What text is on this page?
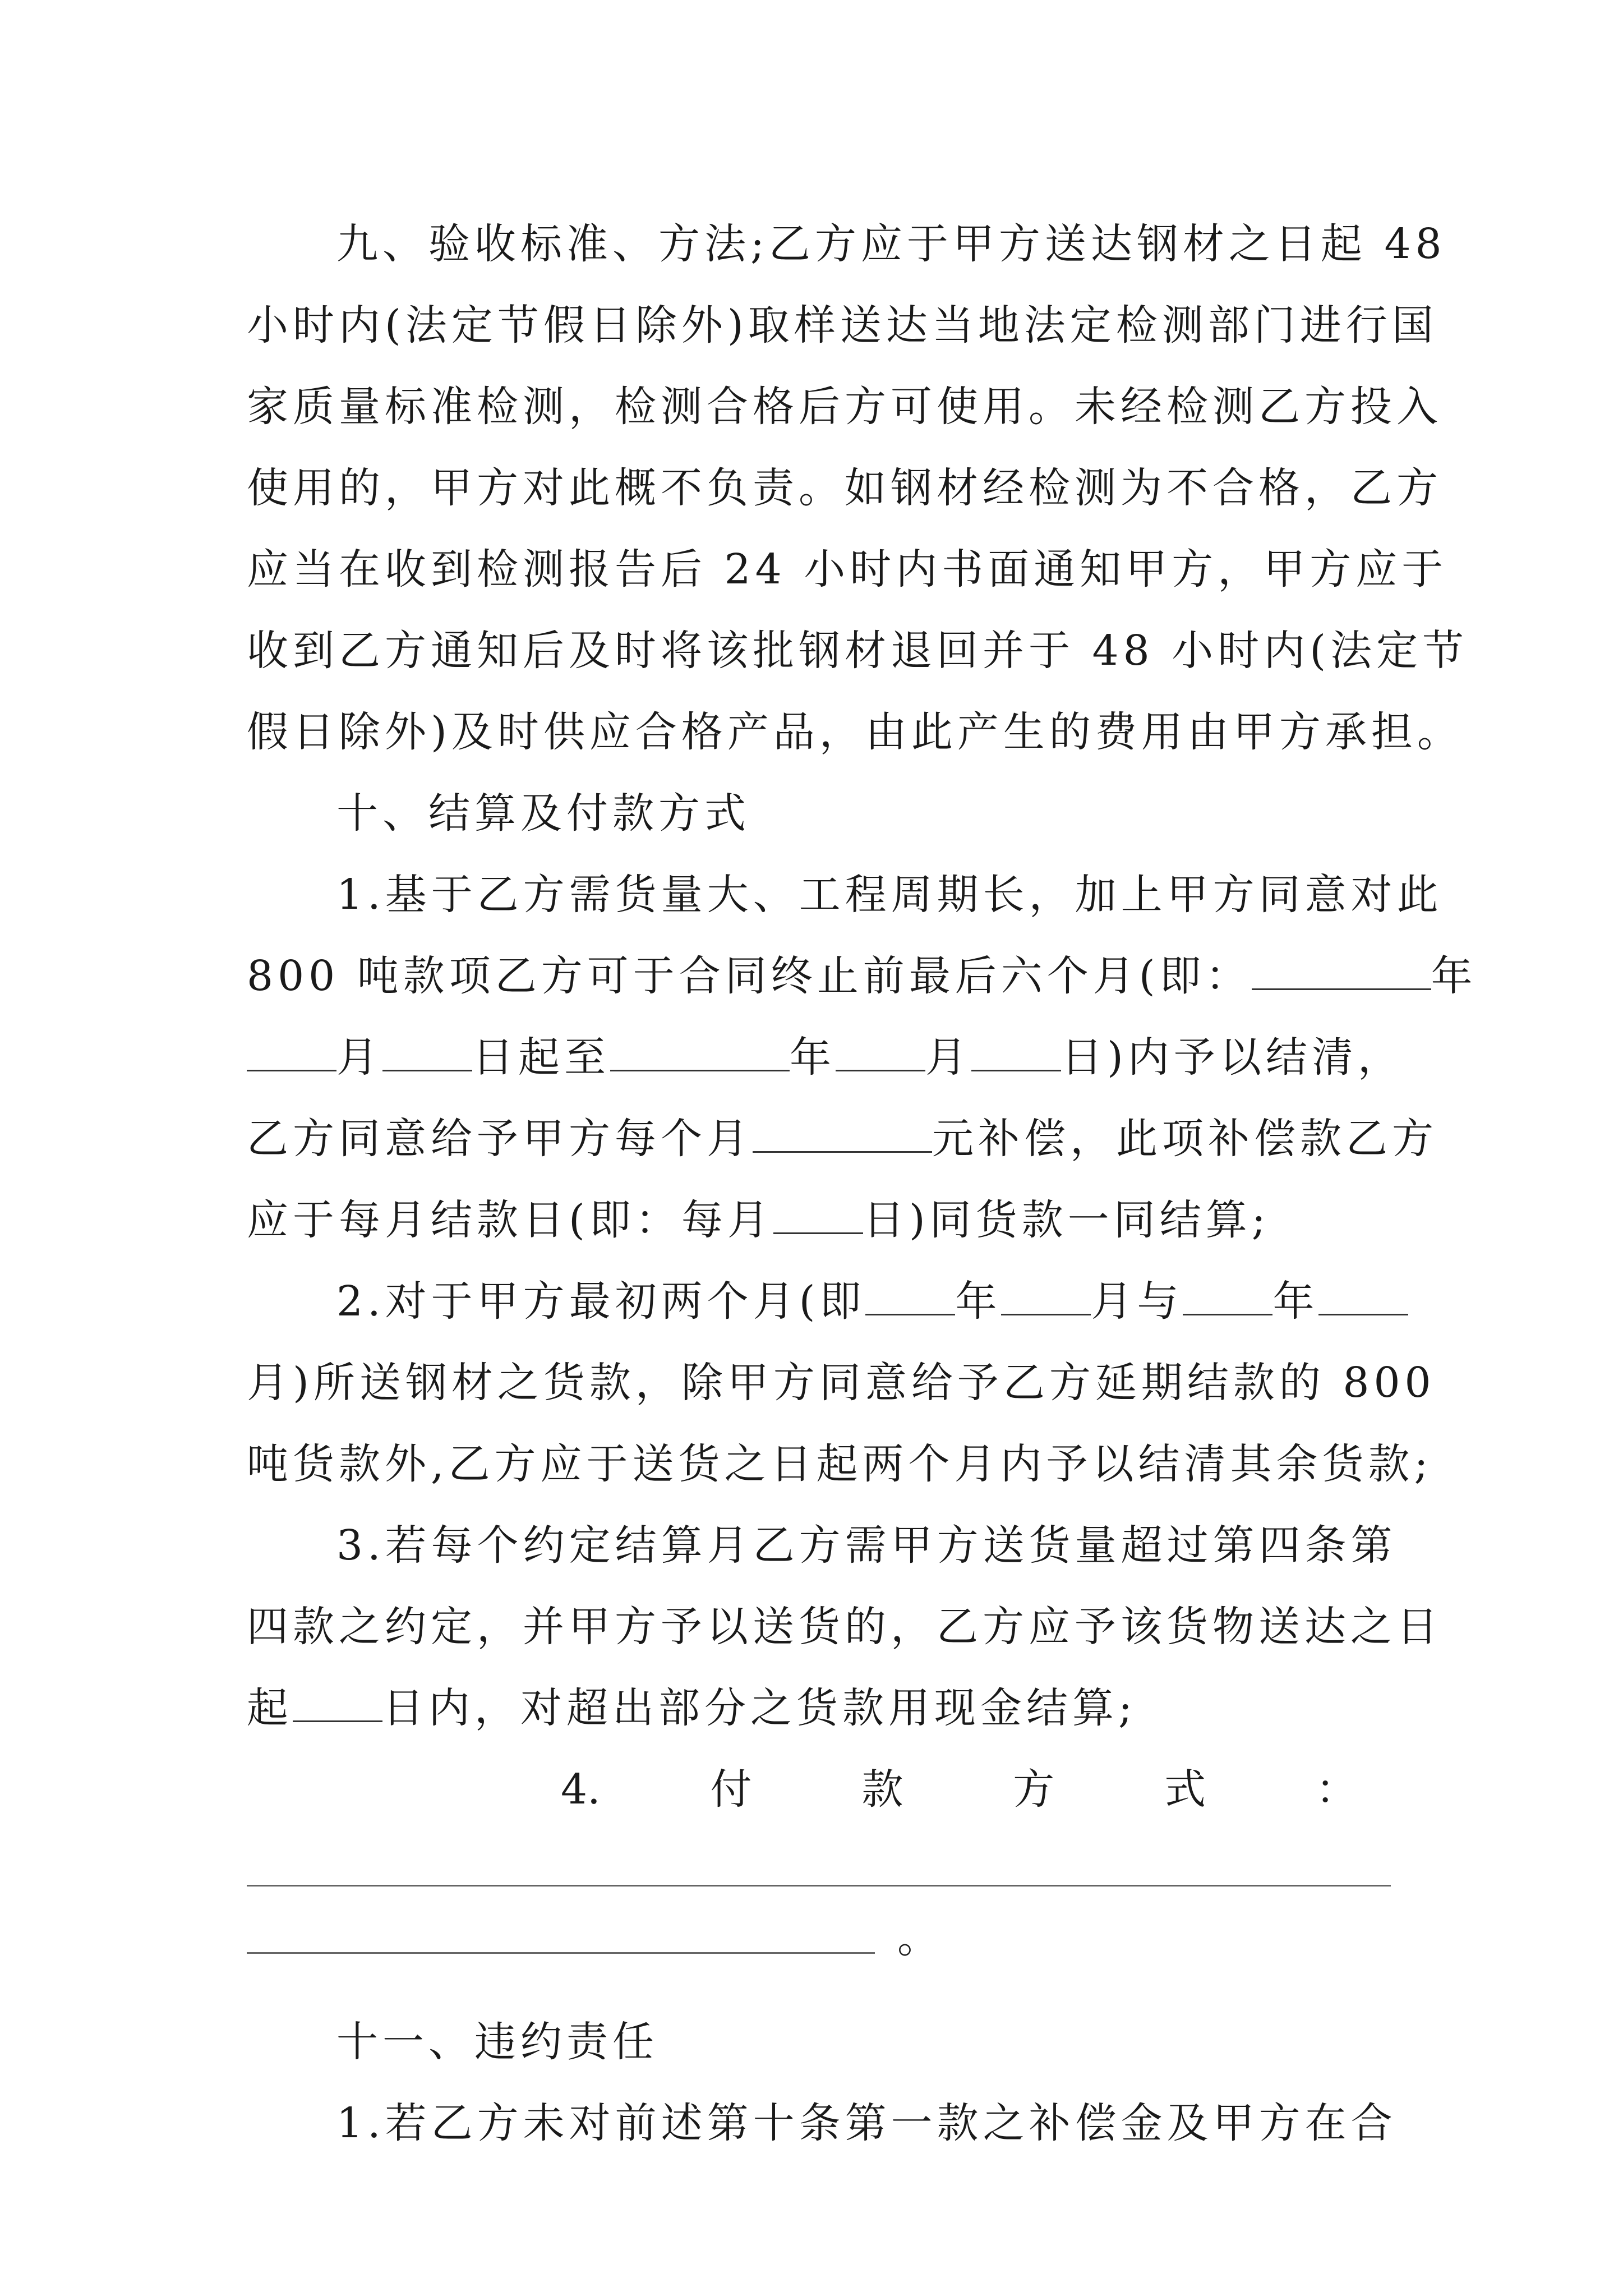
九、验收标准、方法;乙方应于甲方送达钢材之日起 48
小时内(法定节假日除外)取样送达当地法定检测部门进行国
家质量标准检测，检测合格后方可使用。未经检测乙方投入
使用的，甲方对此概不负责。如钢材经检测为不合格，乙方
应当在收到检测报告后 24 小时内书面通知甲方，甲方应于
收到乙方通知后及时将该批钢材退回并于 48 小时内(法定节
假日除外)及时供应合格产品，由此产生的费用由甲方承担。
十、结算及付款方式
1.基于乙方需货量大、工程周期长，加上甲方同意对此
800 吨款项乙方可于合同终止前最后六个月(即：	年
月 日起至	年 月 日)内予以结清，
乙方同意给予甲方每个月	元补偿，此项补偿款乙方
应于每月结款日(即：每月 日)同货款一同结算;
2.对于甲方最初两个月(即 年 月与 年
月)所送钢材之货款，除甲方同意给予乙方延期结款的 800
吨货款外,乙方应于送货之日起两个月内予以结清其余货款;
3.若每个约定结算月乙方需甲方送货量超过第四条第
四款之约定，并甲方予以送货的，乙方应予该货物送达之日
起 日内，对超出部分之货款用现金结算;
4.	付	款	方	式	：
。
十一、违约责任
1.若乙方未对前述第十条第一款之补偿金及甲方在合
